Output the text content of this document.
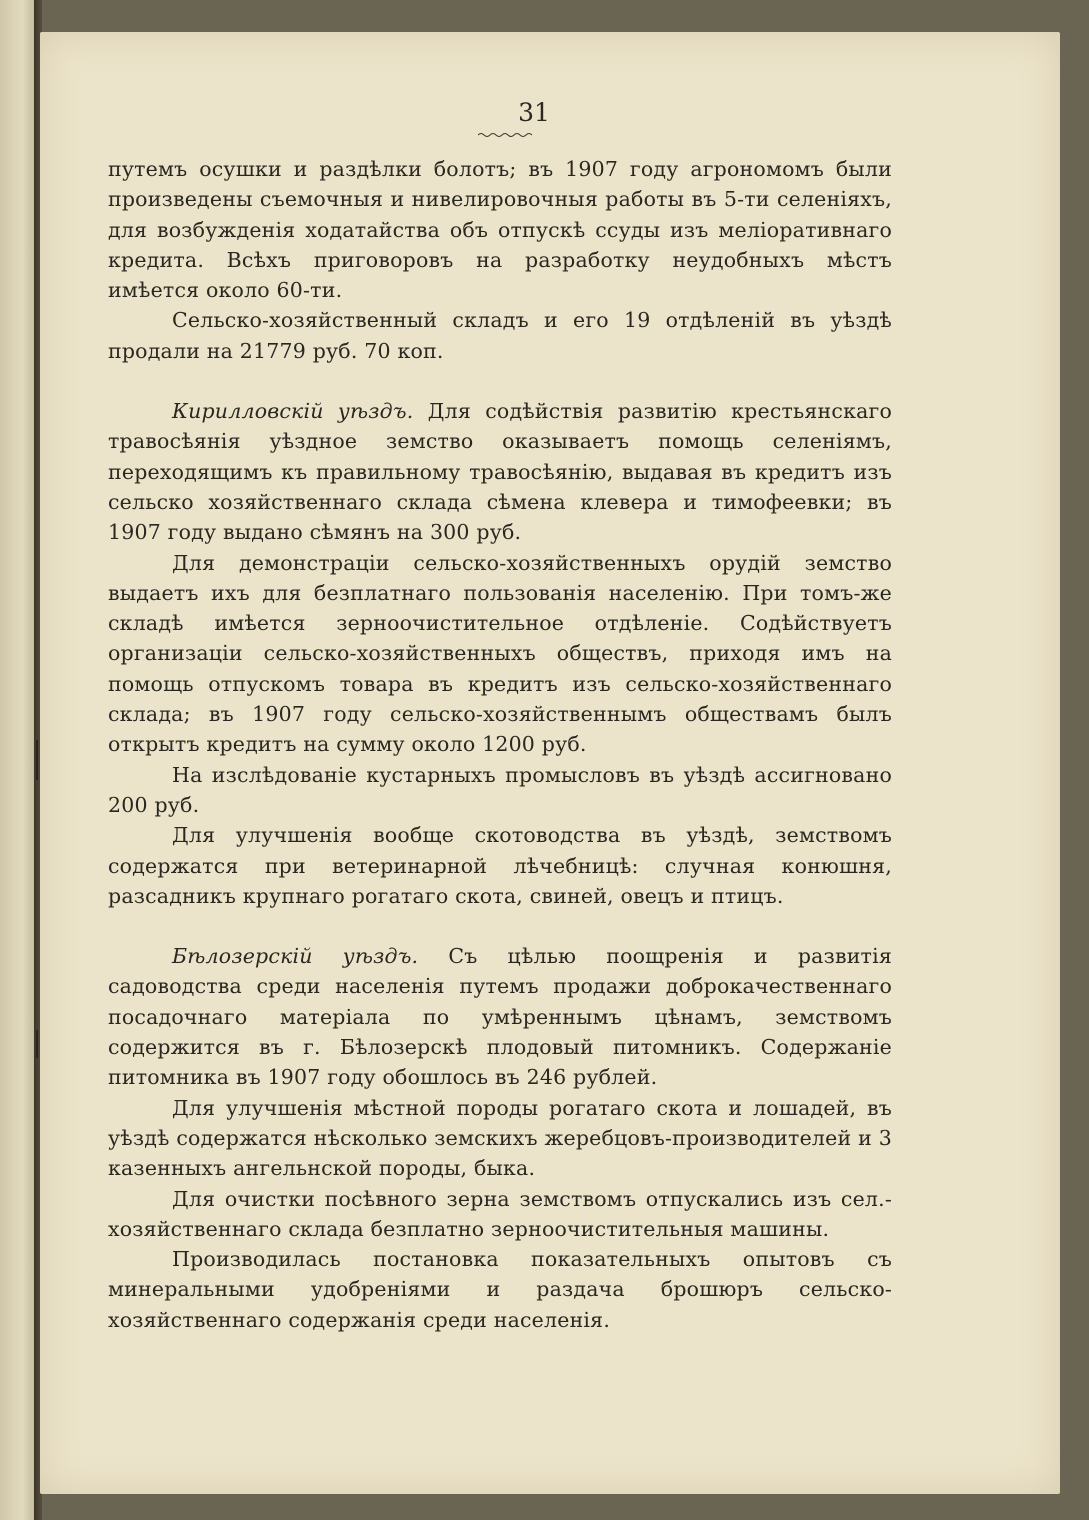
31

путемъ осушки и раздѣлки болотъ; въ 1907 году агрономомъ были произведены съемочныя и нивелировочныя работы въ 5-ти селеніяхъ, для возбужденія ходатайства объ отпускѣ ссуды изъ меліоративнаго кредита. Всѣхъ приговоровъ на разработку неудобныхъ мѣстъ имѣется около 60-ти.

Сельско-хозяйственный складъ и его 19 отдѣленій въ уѣздѣ продали на 21779 руб. 70 коп.

Кирилловскій уѣздъ. Для содѣйствія развитію крестьянскаго травосѣянія уѣздное земство оказываетъ помощь селеніямъ, переходящимъ къ правильному травосѣянію, выдавая въ кредитъ изъ сельско хозяйственнаго склада сѣмена клевера и тимофеевки; въ 1907 году выдано сѣмянъ на 300 руб.

Для демонстраціи сельско-хозяйственныхъ орудій земство выдаетъ ихъ для безплатнаго пользованія населенію. При томъ-же складѣ имѣется зерноочистительное отдѣленіе. Содѣйствуетъ организаціи сельско-хозяйственныхъ обществъ, приходя имъ на помощь отпускомъ товара въ кредитъ изъ сельско-хозяйственнаго склада; въ 1907 году сельско-хозяйственнымъ обществамъ былъ открытъ кредитъ на сумму около 1200 руб.

На изслѣдованіе кустарныхъ промысловъ въ уѣздѣ ассигновано 200 руб.

Для улучшенія вообще скотоводства въ уѣздѣ, земствомъ содержатся при ветеринарной лѣчебницѣ: случная конюшня, разсадникъ крупнаго рогатаго скота, свиней, овецъ и птицъ.

Бѣлозерскій уѣздъ. Съ цѣлью поощренія и развитія садоводства среди населенія путемъ продажи доброкачественнаго посадочнаго матеріала по умѣреннымъ цѣнамъ, земствомъ содержится въ г. Бѣлозерскѣ плодовый питомникъ. Содержаніе питомника въ 1907 году обошлось въ 246 рублей.

Для улучшенія мѣстной породы рогатаго скота и лошадей, въ уѣздѣ содержатся нѣсколько земскихъ жеребцовъ-производителей и 3 казенныхъ ангельнской породы, быка.

Для очистки посѣвного зерна земствомъ отпускались изъ сел.-хозяйственнаго склада безплатно зерноочистительныя машины.

Производилась постановка показательныхъ опытовъ съ минеральными удобреніями и раздача брошюръ сельско-хозяйственнаго содержанія среди населенія.
